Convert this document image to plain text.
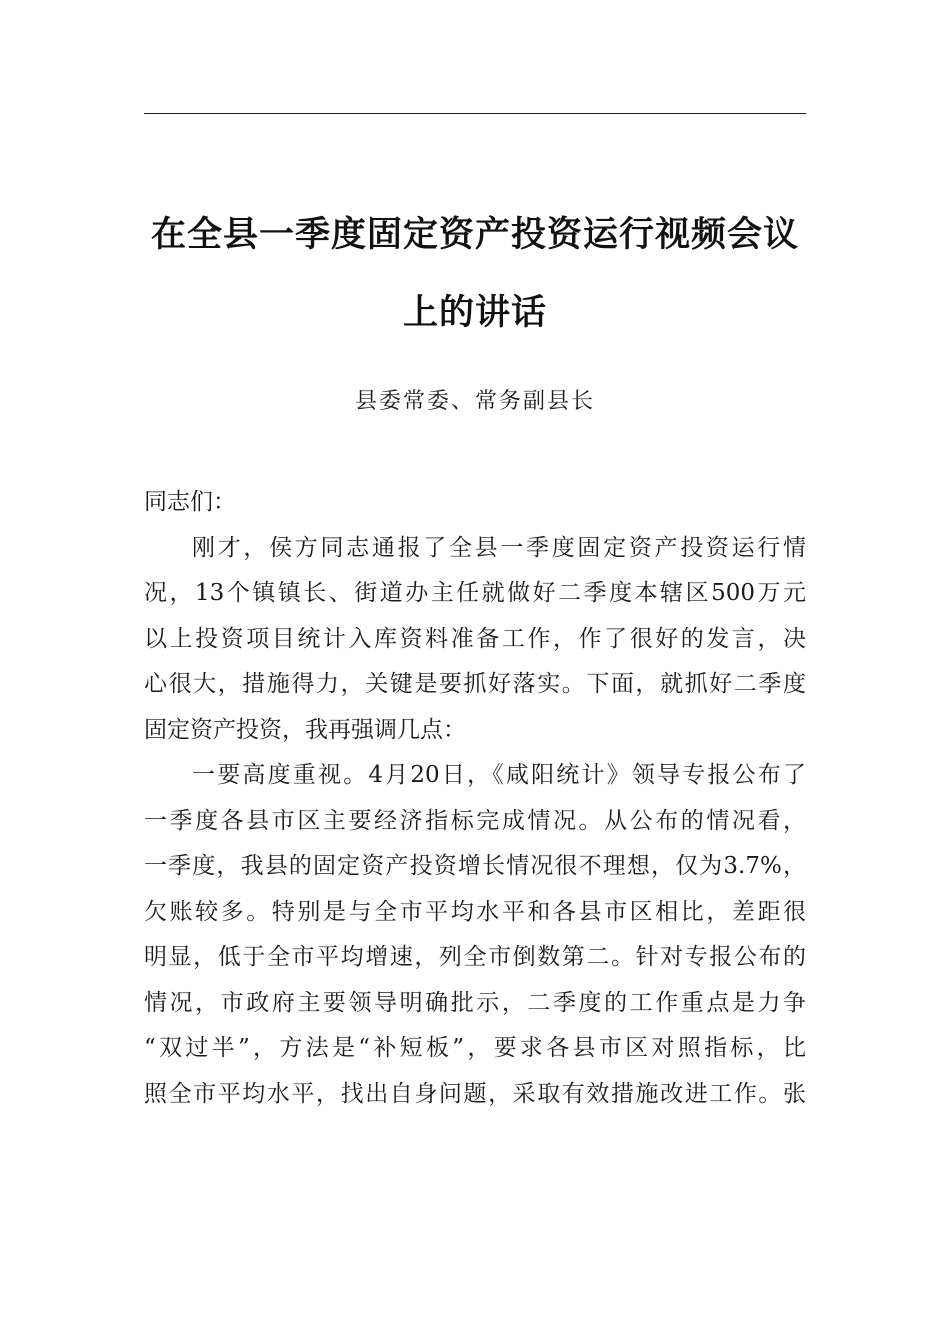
在全县一季度固定资产投资运行视频会议
上的讲话
县委常委、常务副县长
同志们：
刚才，侯方同志通报了全县一季度固定资产投资运行情
况，13个镇镇长、街道办主任就做好二季度本辖区500万元
以上投资项目统计入库资料准备工作，作了很好的发言，决
心很大，措施得力，关键是要抓好落实。下面，就抓好二季度
固定资产投资，我再强调几点：
一要高度重视。4月20日，《咸阳统计》领导专报公布了
一季度各县市区主要经济指标完成情况。从公布的情况看，
一季度，我县的固定资产投资增长情况很不理想，仅为3.7%，
欠账较多。特别是与全市平均水平和各县市区相比，差距很
明显，低于全市平均增速，列全市倒数第二。针对专报公布的
情况，市政府主要领导明确批示，二季度的工作重点是力争
“双过半”，方法是“补短板”，要求各县市区对照指标，比
照全市平均水平，找出自身问题，采取有效措施改进工作。张
